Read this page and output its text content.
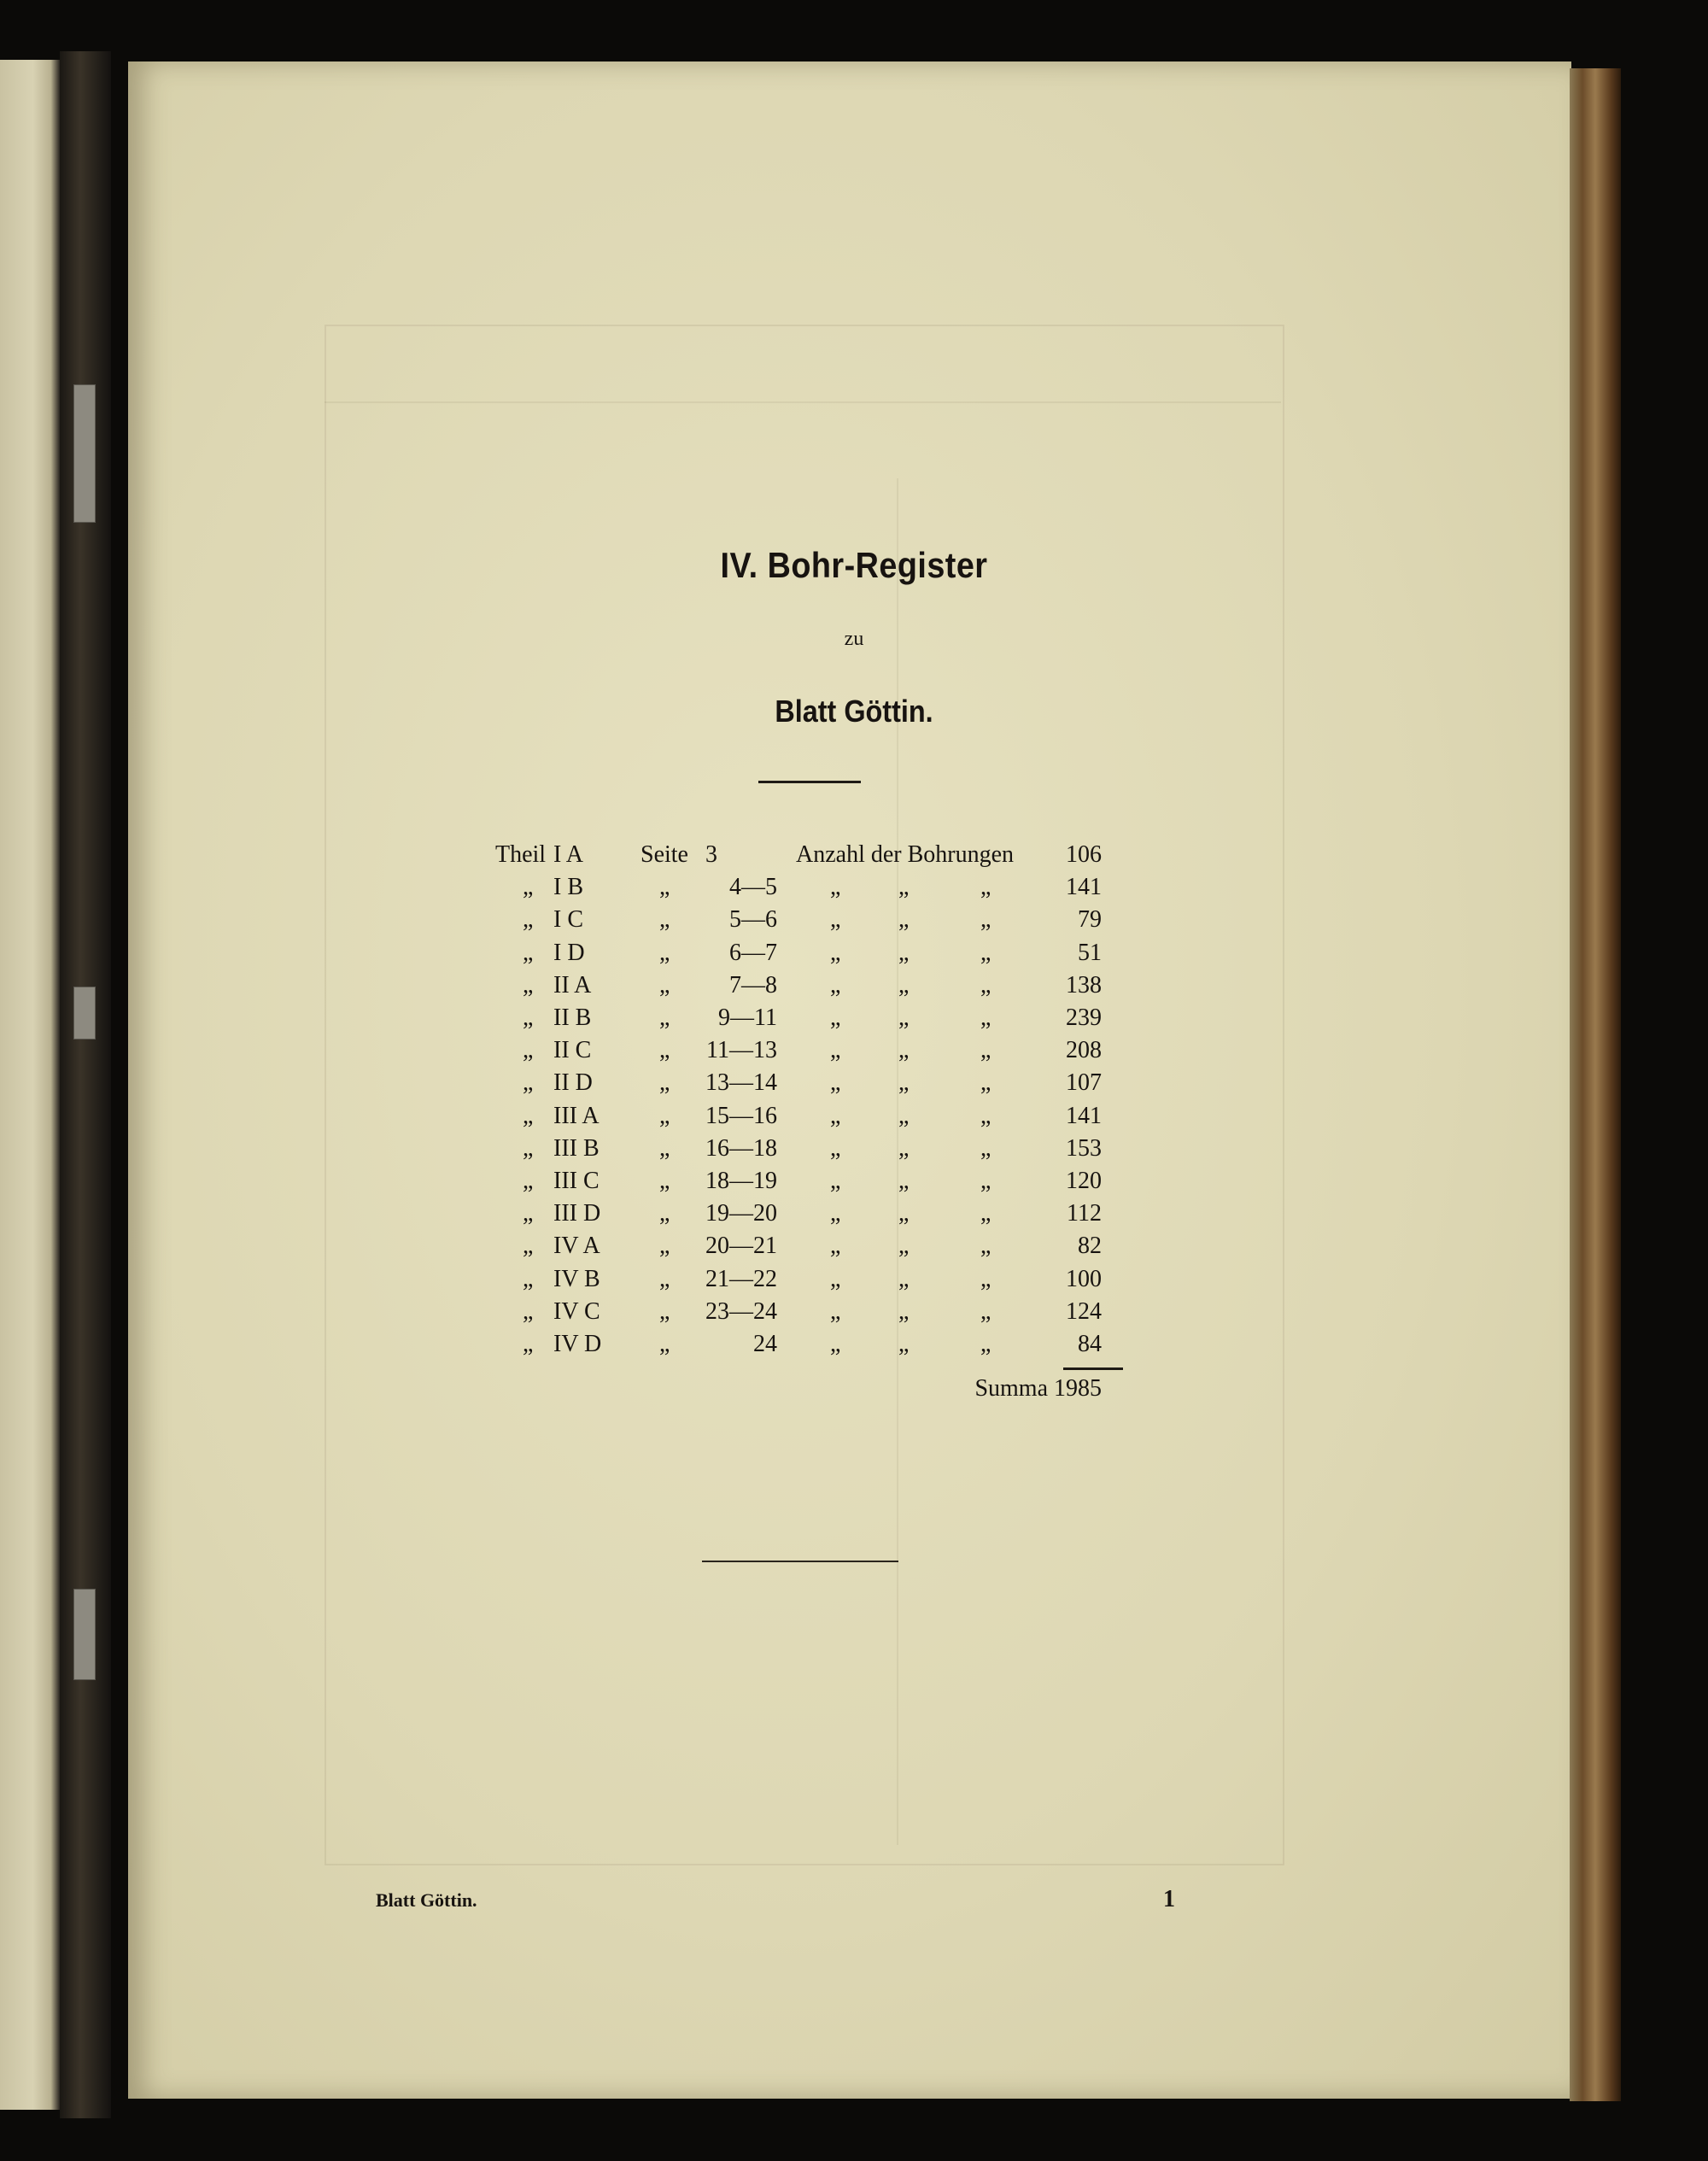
IV. Bohr-Register
zu
Blatt Göttin.
Theil I A Seite 3	Anzahl der Bohrungen	106
„ I B	„	4—5 „ „	„	141
„ I C	„	5—6 „ „	„	79
„ I D	„	6—7 „ „	„	51
„ II A	„	7—8 „ „	„	138
„ II B	„	9—11 „ „	„	239
„ II C	„	11—13 „ „	„	208
„ II D	„	13—14 „ „	„	107
„ III A	„	15—16 „ „	„	141
„ III B	„	16—18 „ „	„	153
„ III C	„	18—19 „ „	„	120
„ III D „	19—20 „ „	„	112
„ IV A „	20—21 „ „	„	82
„ IV B „	21—22 „ „	„	100
„ IV C „	23—24 „ „	„	124
„ IV D „	24 „ „	„	84
Summa 1985
Blatt Göttin.	1
